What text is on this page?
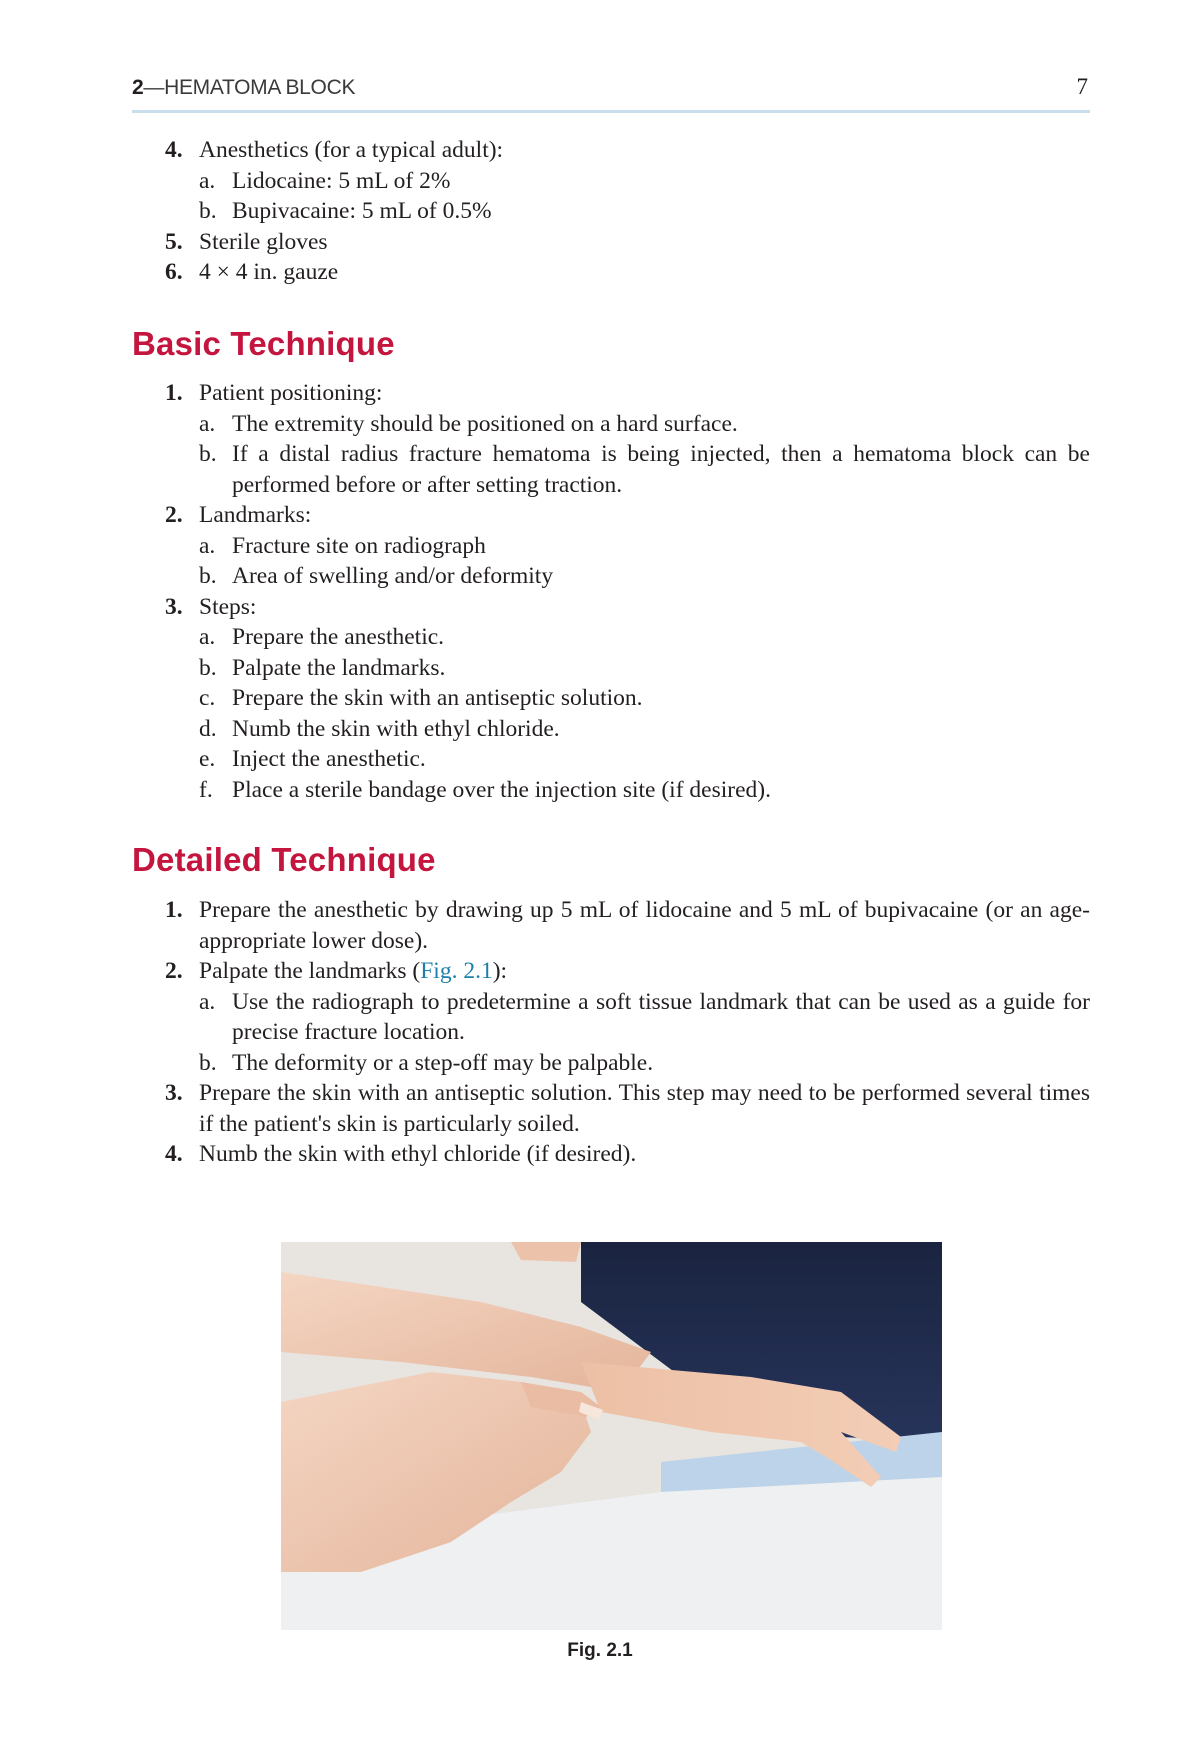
2—HEMATOMA BLOCK	7
4. Anesthetics (for a typical adult):
a. Lidocaine: 5 mL of 2%
b. Bupivacaine: 5 mL of 0.5%
5. Sterile gloves
6. 4 × 4 in. gauze
Basic Technique
1. Patient positioning:
a. The extremity should be positioned on a hard surface.
b. If a distal radius fracture hematoma is being injected, then a hematoma block can be performed before or after setting traction.
2. Landmarks:
a. Fracture site on radiograph
b. Area of swelling and/or deformity
3. Steps:
a. Prepare the anesthetic.
b. Palpate the landmarks.
c. Prepare the skin with an antiseptic solution.
d. Numb the skin with ethyl chloride.
e. Inject the anesthetic.
f. Place a sterile bandage over the injection site (if desired).
Detailed Technique
1. Prepare the anesthetic by drawing up 5 mL of lidocaine and 5 mL of bupivacaine (or an age-appropriate lower dose).
2. Palpate the landmarks (Fig. 2.1):
a. Use the radiograph to predetermine a soft tissue landmark that can be used as a guide for precise fracture location.
b. The deformity or a step-off may be palpable.
3. Prepare the skin with an antiseptic solution. This step may need to be performed several times if the patient's skin is particularly soiled.
4. Numb the skin with ethyl chloride (if desired).
Fig. 2.1
